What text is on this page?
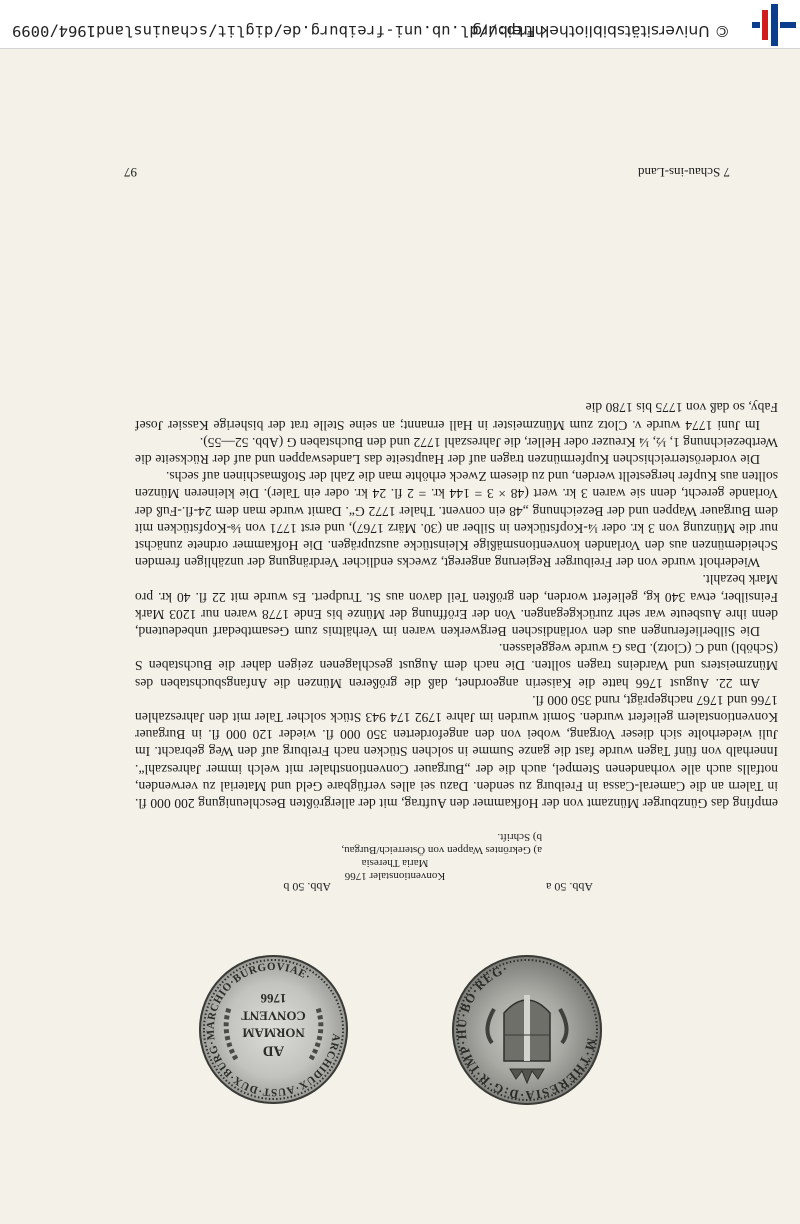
7 Schau-ins-Land
97
M·THERESIA·D:G·R·IMP·HU·BO·REG·
ARCHIDUX·AUST·DUX·BURG·MARCHIO·BURGOVIAE·
AD
NORMAM
CONVENT
1766
Abb. 50 a
Abb. 50 b
Konventionstaler 1766
Maria Theresia
a) Gekröntes Wappen von Österreich/Burgau,
b) Schrift.

empfing das Günzburger Münzamt von der Hofkammer den Auftrag, mit der allergrößten Beschleunigung 200 000 fl. in Talern an die Cameral-Cassa in Freiburg zu senden. Dazu sei alles verfügbare Geld und Material zu verwenden, notfalls auch alle vorhandenen Stempel, auch die der „Burgauer Conventionsthaler mit welch immer Jahreszahl“. Innerhalb von fünf Tagen wurde fast die ganze Summe in solchen Stücken nach Freiburg auf den Weg gebracht. Im Juli wiederholte sich dieser Vorgang, wobei von den angeforderten 350 000 fl. wieder 120 000 fl. in Burgauer Konventionstalern geliefert wurden. Somit wurden im Jahre 1792 174 943 Stück solcher Taler mit den Jahreszahlen 1766 und 1767 nachgeprägt, rund 350 000 fl.

Am 22. August 1766 hatte die Kaiserin angeordnet, daß die größeren Münzen die Anfangsbuchstaben des Münzmeisters und Wardeins tragen sollten. Die nach dem August geschlagenen zeigen daher die Buchstaben S (Schöbl) und C (Clotz). Das G wurde weggelassen.

Die Silberlieferungen aus den vorländischen Bergwerken waren im Verhältnis zum Gesamtbedarf unbedeutend, denn ihre Ausbeute war sehr zurückgegangen. Von der Eröffnung der Münze bis Ende 1778 waren nur 1203 Mark Feinsilber, etwa 340 kg, geliefert worden, den größten Teil davon aus St. Trudpert. Es wurde mit 22 fl. 40 kr. pro Mark bezahlt.

Wiederholt wurde von der Freiburger Regierung angeregt, zwecks endlicher Verdrängung der unzähligen fremden Scheidemünzen aus den Vorlanden konventionsmäßige Kleinstücke auszuprägen. Die Hofkammer ordnete zunächst nur die Münzung von 3 kr. oder ¼-Kopfstücken in Silber an (30. März 1767), und erst 1771 von ⅛-Kopfstücken mit dem Burgauer Wappen und der Bezeichnung „48 ein convent. Thaler 1772 G“. Damit wurde man dem 24-fl.-Fuß der Vorlande gerecht, denn sie waren 3 kr. wert (48 × 3 = 144 kr. = 2 fl. 24 kr. oder ein Taler). Die kleineren Münzen sollten aus Kupfer hergestellt werden, und zu diesem Zweck erhöhte man die Zahl der Stoßmaschinen auf sechs.

Die vorderösterreichischen Kupfermünzen tragen auf der Hauptseite das Landeswappen und auf der Rückseite die Wertbezeichnung 1, ½, ¼ Kreuzer oder Heller, die Jahreszahl 1772 und den Buchstaben G (Abb. 52—55).

Im Juni 1774 wurde v. Clotz zum Münzmeister in Hall ernannt; an seine Stelle trat der bisherige Kassier Josef Faby, so daß von 1775 bis 1780 die

© Universitätsbibliothek Freiburg
http://dl.ub.uni-freiburg.de/diglit/schauinsland1964/0099
